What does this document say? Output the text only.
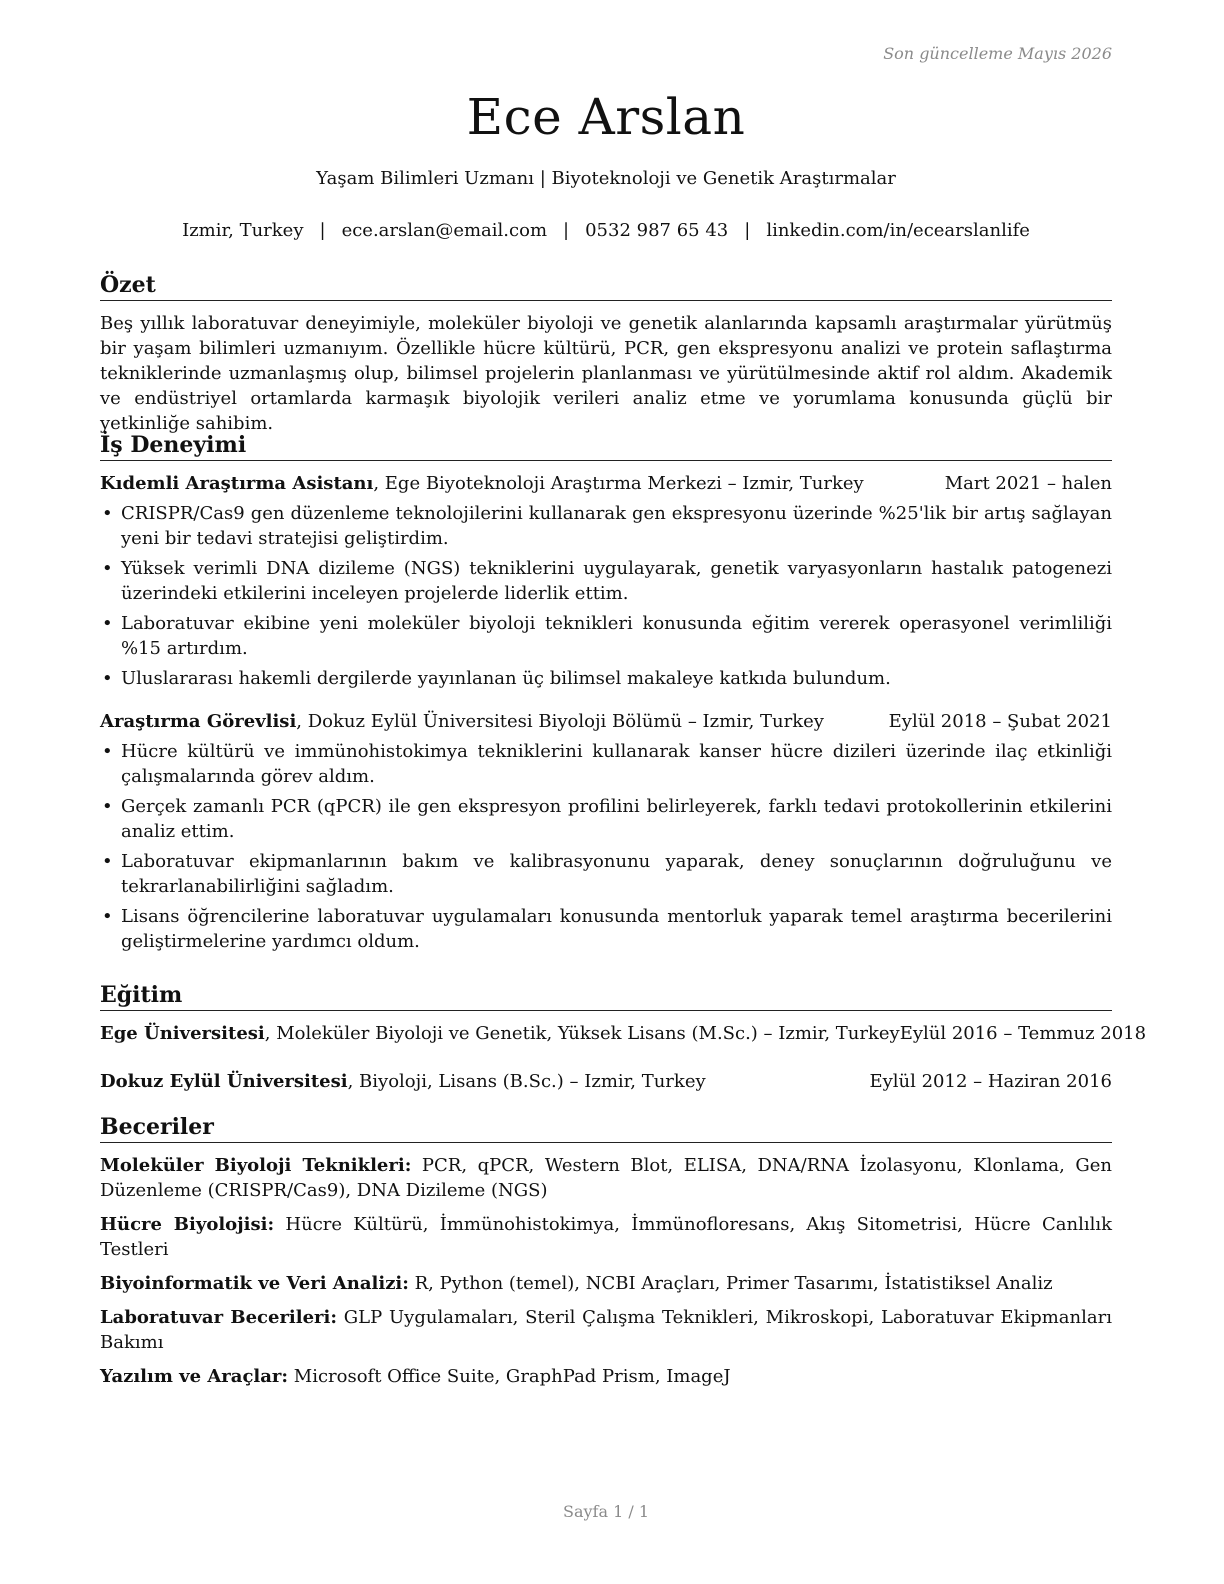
Son güncelleme Mayıs 2026
Ece Arslan
Yaşam Bilimleri Uzmanı | Biyoteknoloji ve Genetik Araştırmalar
Izmir, Turkey | ece.arslan@email.com | 0532 987 65 43 | linkedin.com/in/ecearslanlife
Özet

Beş yıllık laboratuvar deneyimiyle, moleküler biyoloji ve genetik alanlarında kapsamlı araştırmalar yürütmüş bir yaşam bilimleri uzmanıyım. Özellikle hücre kültürü, PCR, gen ekspresyonu analizi ve protein saflaştırma tekniklerinde uzmanlaşmış olup, bilimsel projelerin planlanması ve yürütülmesinde aktif rol aldım. Akademik ve endüstriyel ortamlarda karmaşık biyolojik verileri analiz etme ve yorumlama konusunda güçlü bir yetkinliğe sahibim.

İş Deneyimi
Kıdemli Araştırma Asistanı, Ege Biyoteknoloji Araştırma Merkezi – Izmir, Turkey	Mart 2021 – halen
• CRISPR/Cas9 gen düzenleme teknolojilerini kullanarak gen ekspresyonu üzerinde %25'lik bir artış sağlayan yeni bir tedavi stratejisi geliştirdim.
• Yüksek verimli DNA dizileme (NGS) tekniklerini uygulayarak, genetik varyasyonların hastalık patogenezi üzerindeki etkilerini inceleyen projelerde liderlik ettim.
• Laboratuvar ekibine yeni moleküler biyoloji teknikleri konusunda eğitim vererek operasyonel verimliliği %15 artırdım.
• Uluslararası hakemli dergilerde yayınlanan üç bilimsel makaleye katkıda bulundum.
Araştırma Görevlisi, Dokuz Eylül Üniversitesi Biyoloji Bölümü – Izmir, Turkey	Eylül 2018 – Şubat 2021
• Hücre kültürü ve immünohistokimya tekniklerini kullanarak kanser hücre dizileri üzerinde ilaç etkinliği çalışmalarında görev aldım.
• Gerçek zamanlı PCR (qPCR) ile gen ekspresyon profilini belirleyerek, farklı tedavi protokollerinin etkilerini analiz ettim.
• Laboratuvar ekipmanlarının bakım ve kalibrasyonunu yaparak, deney sonuçlarının doğruluğunu ve tekrarlanabilirliğini sağladım.
• Lisans öğrencilerine laboratuvar uygulamaları konusunda mentorluk yaparak temel araştırma becerilerini geliştirmelerine yardımcı oldum.
Eğitim
Ege Üniversitesi, Moleküler Biyoloji ve Genetik, Yüksek Lisans (M.Sc.) – Izmir, Turkey Eylül 2016 – Temmuz 2018
Dokuz Eylül Üniversitesi, Biyoloji, Lisans (B.Sc.) – Izmir, Turkey	Eylül 2012 – Haziran 2016
Beceriler
Moleküler Biyoloji Teknikleri: PCR, qPCR, Western Blot, ELISA, DNA/RNA İzolasyonu, Klonlama, Gen Düzenleme (CRISPR/Cas9), DNA Dizileme (NGS)
Hücre Biyolojisi: Hücre Kültürü, İmmünohistokimya, İmmünofloresans, Akış Sitometrisi, Hücre Canlılık Testleri
Biyoinformatik ve Veri Analizi: R, Python (temel), NCBI Araçları, Primer Tasarımı, İstatistiksel Analiz
Laboratuvar Becerileri: GLP Uygulamaları, Steril Çalışma Teknikleri, Mikroskopi, Laboratuvar Ekipmanları Bakımı
Yazılım ve Araçlar: Microsoft Office Suite, GraphPad Prism, ImageJ
Sayfa 1 / 1
